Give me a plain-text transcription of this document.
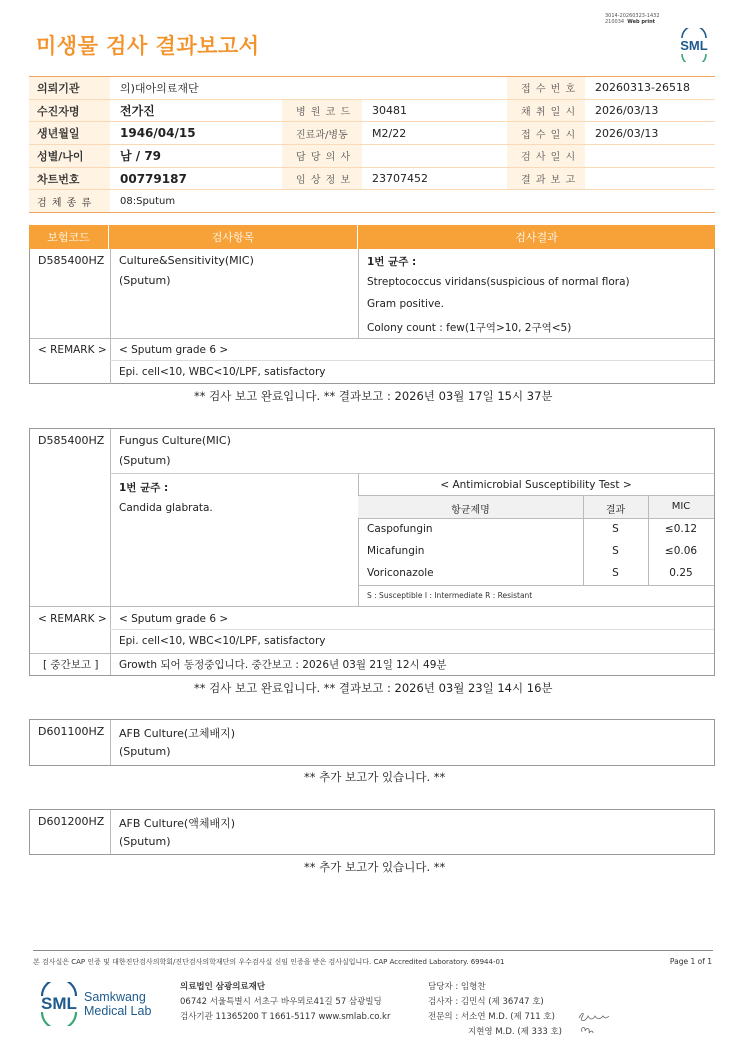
미생물 검사 결과보고서
3014-20260323-1432
210034 Web print
SML
의뢰기관	의)대아의료재단	접 수 번 호	20260313-26518
수진자명	전가진	병 원 코 드	30481	채 취 일 시	2026/03/13
생년월일	1946/04/15	진료과/병동	M2/22	접 수 일 시	2026/03/13
성별/나이	남 / 79	담 당 의 사	검 사 일 시
차트번호	00779187	임 상 정 보	23707452	결 과 보 고
검 체 종 류	08:Sputum
보험코드	검사항목	검사결과
D585400HZ Culture&Sensitivity(MIC)
(Sputum)
1번 균주 :
Streptococcus viridans(suspicious of normal flora)
Gram positive.
Colony count : few(1구역>10, 2구역<5)
< REMARK > < Sputum grade 6 >
Epi. cell<10, WBC<10/LPF, satisfactory
** 검사 보고 완료입니다. ** 결과보고 : 2026년 03월 17일 15시 37분
D585400HZ Fungus Culture(MIC)
(Sputum)
1번 균주 :
Candida glabrata.
< Antimicrobial Susceptibility Test >
항균제명	결과	MIC
Caspofungin	S	≤0.12
Micafungin	S	≤0.06
Voriconazole	S	0.25
S : Susceptible I : Intermediate R : Resistant
< REMARK > < Sputum grade 6 >
Epi. cell<10, WBC<10/LPF, satisfactory
[ 중간보고 ] Growth 되어 동정중입니다. 중간보고 : 2026년 03월 21일 12시 49분
** 검사 보고 완료입니다. ** 결과보고 : 2026년 03월 23일 14시 16분
D601100HZ AFB Culture(고체배지)
(Sputum)
** 추가 보고가 있습니다. **
D601200HZ AFB Culture(액체배지)
(Sputum)
** 추가 보고가 있습니다. **
본 검사실은 CAP 인증 및 대한진단검사의학회/진단검사의학재단의 우수검사실 신임 인증을 받은 검사실입니다. CAP Accredited Laboratory. 69944-01	Page 1 of 1
SML Samkwang
Medical Lab
의료법인 삼광의료재단
06742 서울특별시 서초구 바우뫼로41길 57 삼광빌딩
검사기관 11365200 T 1661-5117 www.smlab.co.kr
담당자 : 임형찬
검사자 : 김민식 (제 36747 호)
전문의 : 서소연 M.D. (제 711 호)
지현영 M.D. (제 333 호)
